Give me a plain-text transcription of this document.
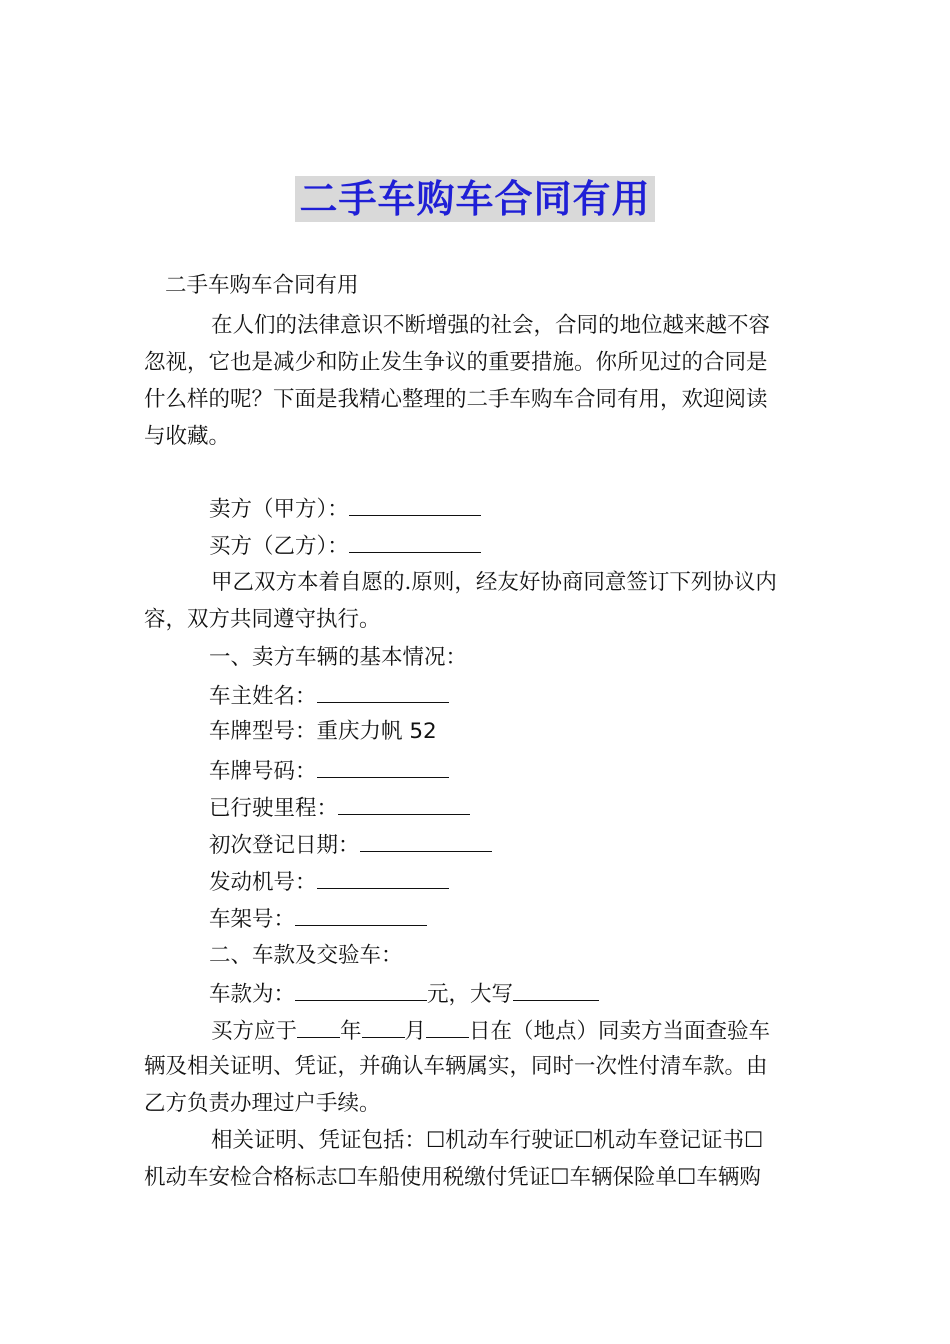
二手车购车合同有用
二手车购车合同有用
在人们的法律意识不断增强的社会，合同的地位越来越不容
忽视，它也是减少和防止发生争议的重要措施。你所见过的合同是
什么样的呢？下面是我精心整理的二手车购车合同有用，欢迎阅读
与收藏。
卖方（甲方）：
买方（乙方）：
甲乙双方本着自愿的.原则，经友好协商同意签订下列协议内
容，双方共同遵守执行。
一、卖方车辆的基本情况：
车主姓名：
车牌型号：重庆力帆 52
车牌号码：
已行驶里程：
初次登记日期：
发动机号：
车架号：
二、车款及交验车：
车款为：	元，大写
买方应于 年 月 日在（地点）同卖方当面查验车
辆及相关证明、凭证，并确认车辆属实，同时一次性付清车款。由
乙方负责办理过户手续。
相关证明、凭证包括：☐机动车行驶证☐机动车登记证书☐
机动车安检合格标志☐车船使用税缴付凭证☐车辆保险单☐车辆购
